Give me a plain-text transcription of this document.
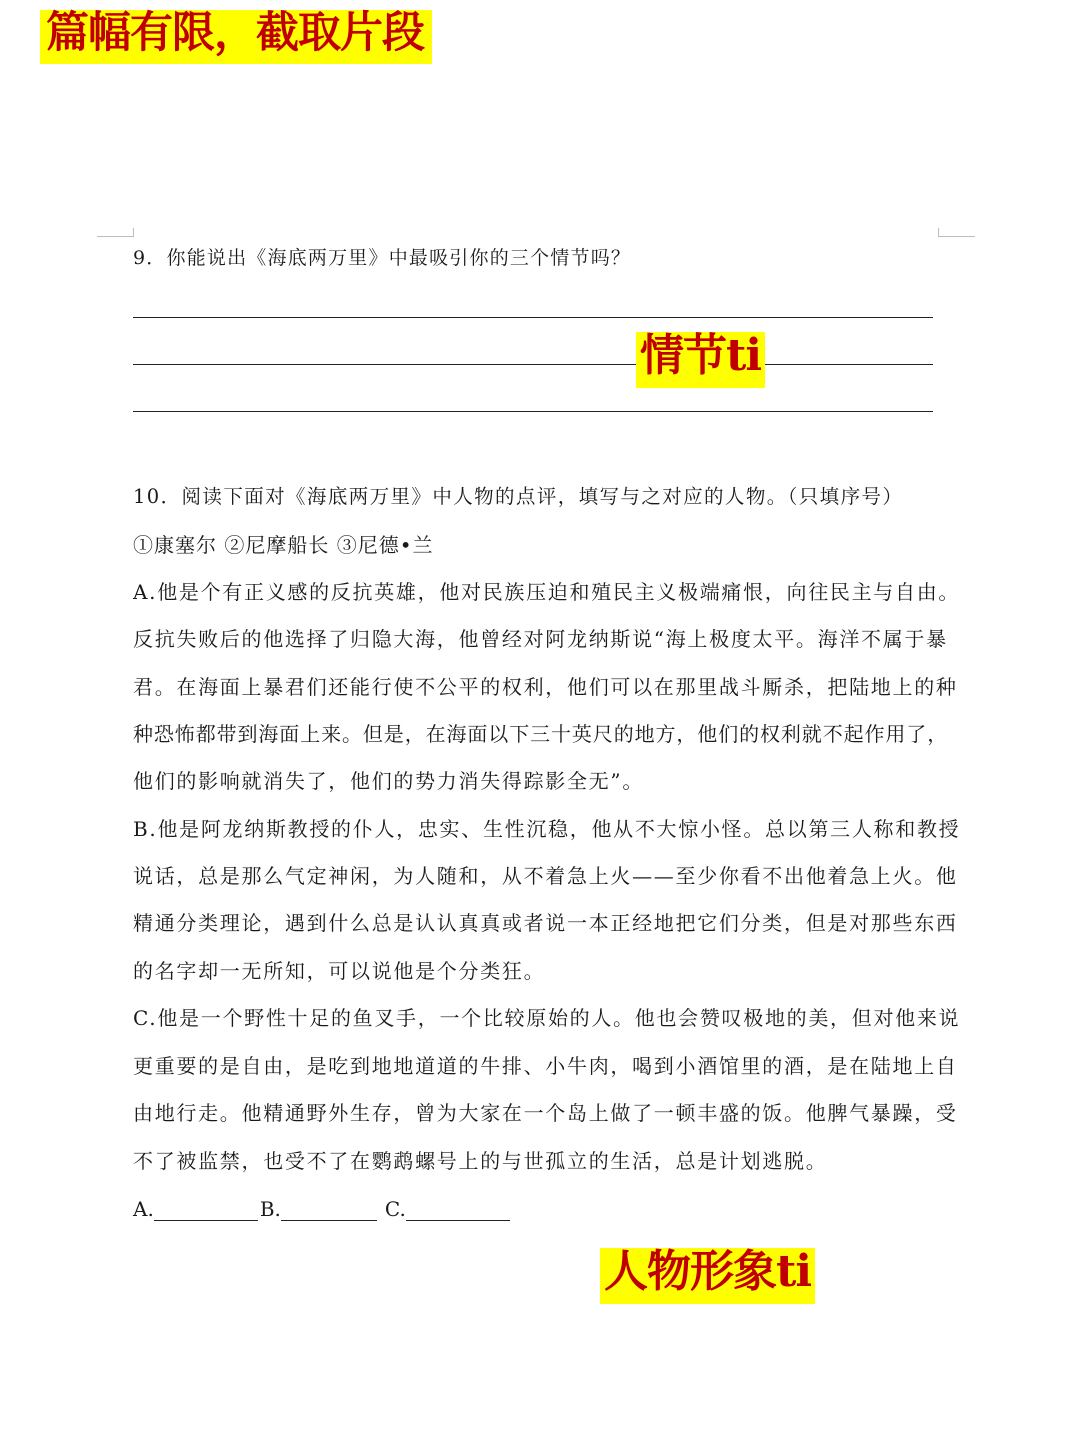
篇幅有限，截取片段
9．你能说出《海底两万里》中最吸引你的三个情节吗？
情节ti
10．阅读下面对《海底两万里》中人物的点评，填写与之对应的人物。（只填序号）
①康塞尔 ②尼摩船长 ③尼德•兰
A.他是个有正义感的反抗英雄，他对民族压迫和殖民主义极端痛恨，向往民主与自由。
反抗失败后的他选择了归隐大海，他曾经对阿龙纳斯说“海上极度太平。海洋不属于暴
君。在海面上暴君们还能行使不公平的权利，他们可以在那里战斗厮杀，把陆地上的种
种恐怖都带到海面上来。但是，在海面以下三十英尺的地方，他们的权利就不起作用了，
他们的影响就消失了，他们的势力消失得踪影全无”。
B.他是阿龙纳斯教授的仆人，忠实、生性沉稳，他从不大惊小怪。总以第三人称和教授
说话，总是那么气定神闲，为人随和，从不着急上火——至少你看不出他着急上火。他
精通分类理论，遇到什么总是认认真真或者说一本正经地把它们分类，但是对那些东西
的名字却一无所知，可以说他是个分类狂。
C.他是一个野性十足的鱼叉手，一个比较原始的人。他也会赞叹极地的美，但对他来说
更重要的是自由，是吃到地地道道的牛排、小牛肉，喝到小酒馆里的酒，是在陆地上自
由地行走。他精通野外生存，曾为大家在一个岛上做了一顿丰盛的饭。他脾气暴躁，受
不了被监禁，也受不了在鹦鹉螺号上的与世孤立的生活，总是计划逃脱。
A.	B.	C.
人物形象ti
